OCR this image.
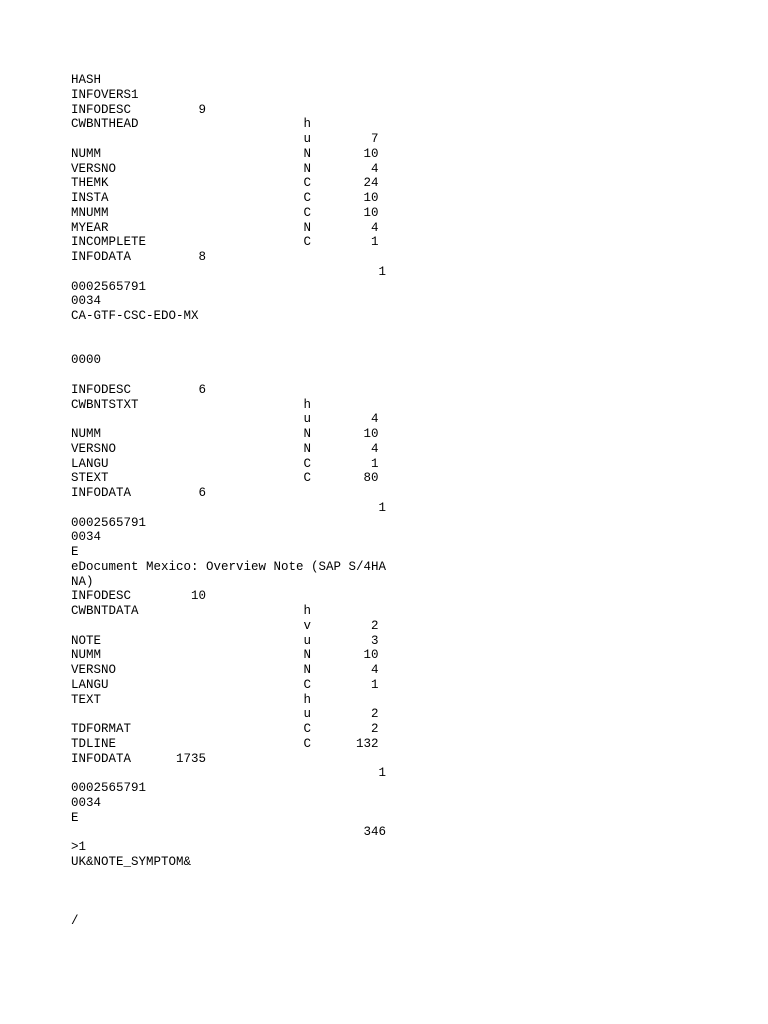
HASH
INFOVERS1
INFODESC         9
CWBNTHEAD                      h
u        7
NUMM                           N       10
VERSNO                         N        4
THEMK                          C       24
INSTA                          C       10
MNUMM                          C       10
MYEAR                          N        4
INCOMPLETE                     C        1
INFODATA         8
1
0002565791
0034
CA-GTF-CSC-EDO-MX
0000
INFODESC         6
CWBNTSTXT                      h
u        4
NUMM                           N       10
VERSNO                         N        4
LANGU                          C        1
STEXT                          C       80
INFODATA         6
1
0002565791
0034
E
eDocument Mexico: Overview Note (SAP S/4HA
NA)
INFODESC        10
CWBNTDATA                      h
v        2
NOTE                           u        3
NUMM                           N       10
VERSNO                         N        4
LANGU                          C        1
TEXT                           h
u        2
TDFORMAT                       C        2
TDLINE                         C      132
INFODATA      1735
1
0002565791
0034
E
346
>1
UK&NOTE_SYMPTOM&
/
